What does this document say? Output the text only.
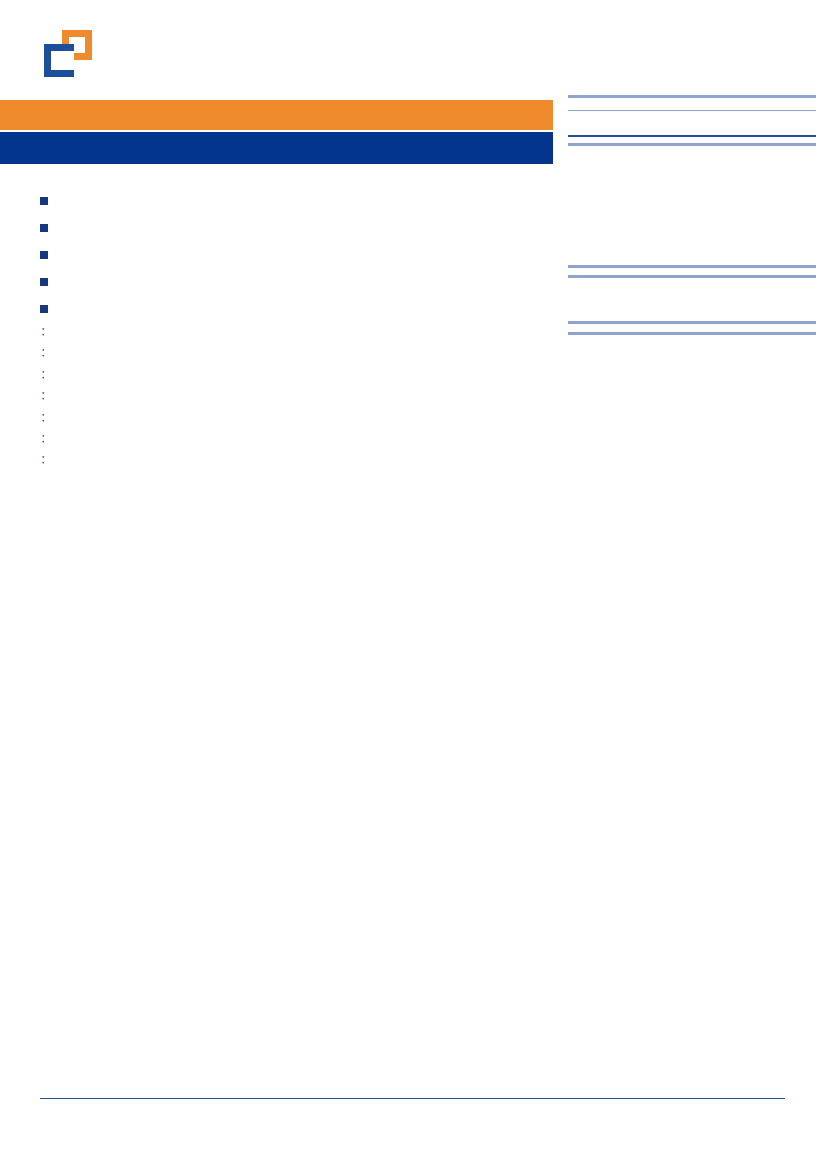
：

：

：

：

：

：

：
